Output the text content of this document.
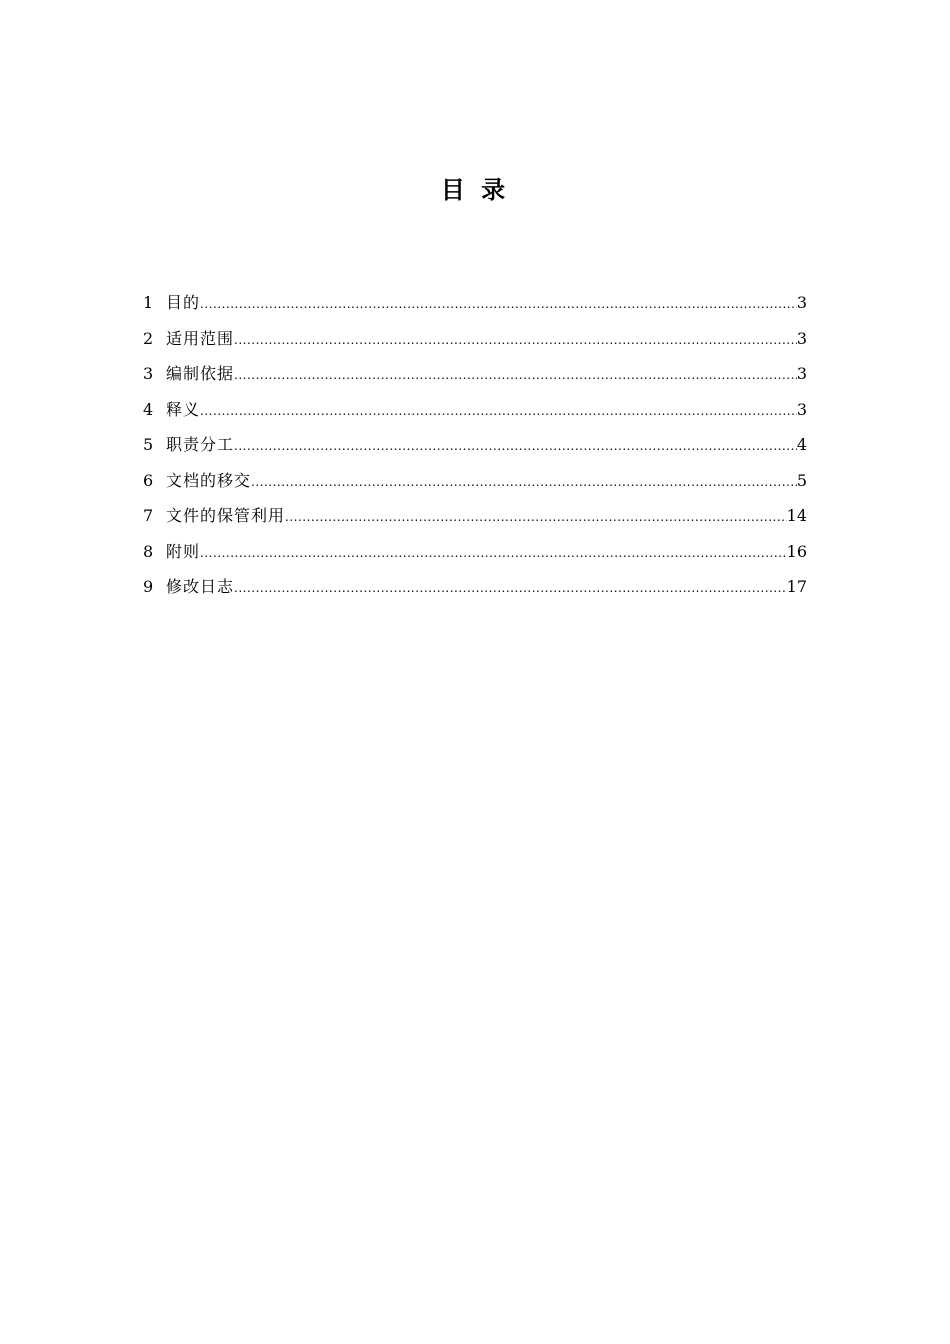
目 录
1 目的 .....	3
2 适用范围 .....	3
3 编制依据 .....	3
4 释义 .....	3
5 职责分工 .....	4
6 文档的移交 .....	5
7 文件的保管利用 .....	14
8 附则 .....	16
9 修改日志 .....	17
